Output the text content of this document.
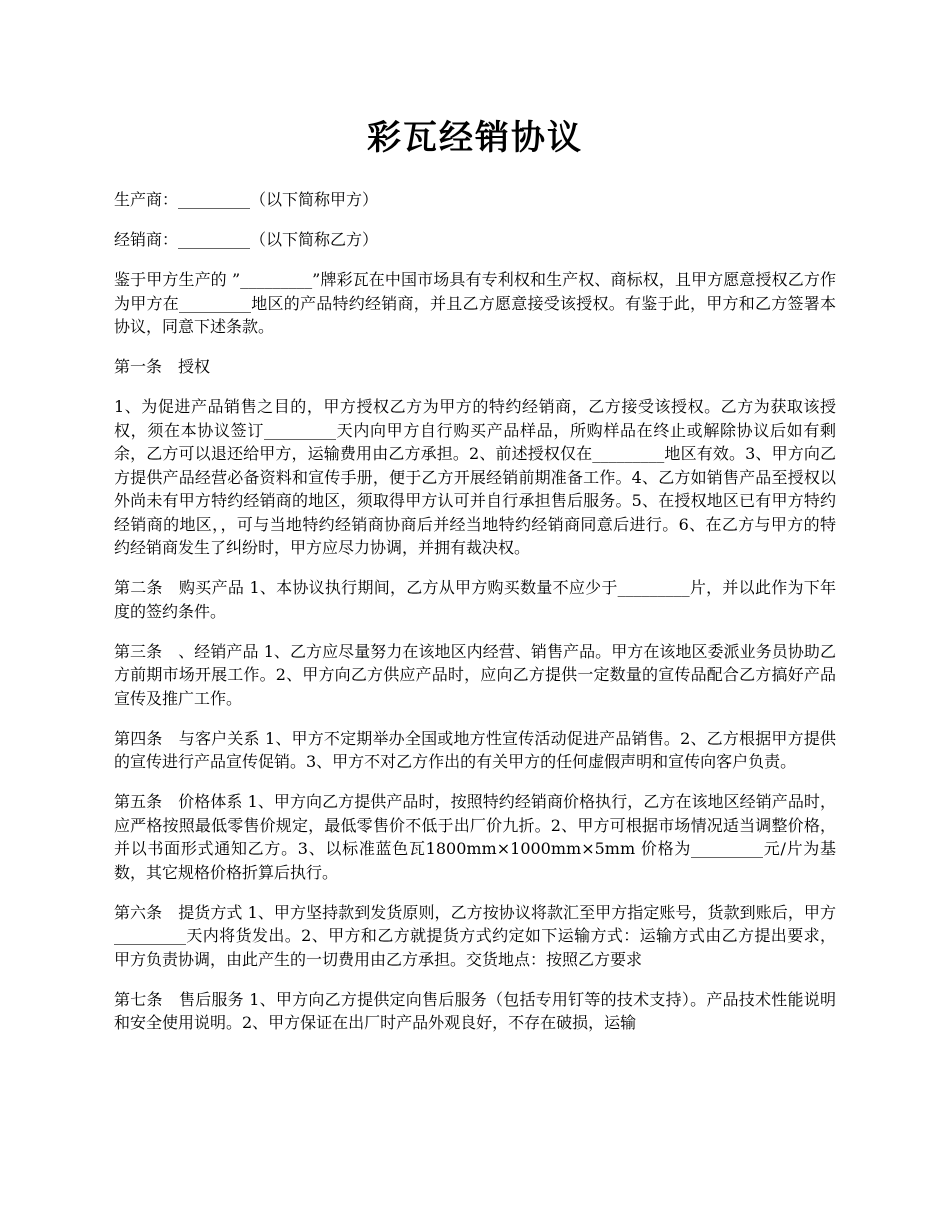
彩瓦经销协议

生产商：_________（以下简称甲方）

经销商：_________（以下简称乙方）

鉴于甲方生产的 ”_________”牌彩瓦在中国市场具有专利权和生产权、商标权，且甲方愿意授权乙方作为甲方在_________地区的产品特约经销商，并且乙方愿意接受该授权。有鉴于此，甲方和乙方签署本协议，同意下述条款。

第一条　授权

1、为促进产品销售之目的，甲方授权乙方为甲方的特约经销商，乙方接受该授权。乙方为获取该授权，须在本协议签订_________天内向甲方自行购买产品样品，所购样品在终止或解除协议后如有剩余，乙方可以退还给甲方，运输费用由乙方承担。2、前述授权仅在_________地区有效。3、甲方向乙方提供产品经营必备资料和宣传手册，便于乙方开展经销前期准备工作。4、乙方如销售产品至授权以外尚未有甲方特约经销商的地区，须取得甲方认可并自行承担售后服务。5、在授权地区已有甲方特约经销商的地区，，可与当地特约经销商协商后并经当地特约经销商同意后进行。6、在乙方与甲方的特约经销商发生了纠纷时，甲方应尽力协调，并拥有裁决权。

第二条　购买产品 1、本协议执行期间，乙方从甲方购买数量不应少于_________片，并以此作为下年度的签约条件。

第三条　、经销产品 1、乙方应尽量努力在该地区内经营、销售产品。甲方在该地区委派业务员协助乙方前期市场开展工作。2、甲方向乙方供应产品时，应向乙方提供一定数量的宣传品配合乙方搞好产品宣传及推广工作。

第四条　与客户关系 1、甲方不定期举办全国或地方性宣传活动促进产品销售。2、乙方根据甲方提供的宣传进行产品宣传促销。3、甲方不对乙方作出的有关甲方的任何虚假声明和宣传向客户负责。

第五条　价格体系 1、甲方向乙方提供产品时，按照特约经销商价格执行，乙方在该地区经销产品时，应严格按照最低零售价规定，最低零售价不低于出厂价九折。2、甲方可根据市场情况适当调整价格，并以书面形式通知乙方。3、以标准蓝色瓦1800mm×1000mm×5mm 价格为_________元/片为基数，其它规格价格折算后执行。

第六条　提货方式 1、甲方坚持款到发货原则，乙方按协议将款汇至甲方指定账号，货款到账后，甲方_________天内将货发出。2、甲方和乙方就提货方式约定如下运输方式：运输方式由乙方提出要求，甲方负责协调，由此产生的一切费用由乙方承担。交货地点：按照乙方要求

第七条　售后服务 1、甲方向乙方提供定向售后服务（包括专用钉等的技术支持）。产品技术性能说明和安全使用说明。2、甲方保证在出厂时产品外观良好，不存在破损，运输
